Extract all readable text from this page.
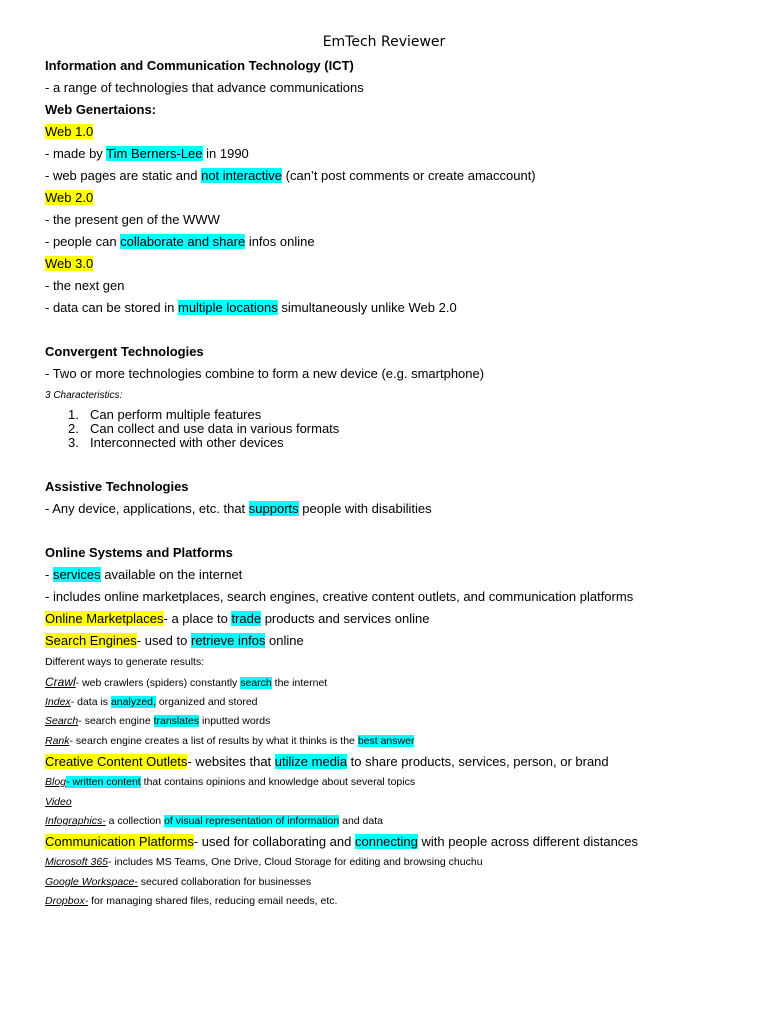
EmTech Reviewer
Information and Communication Technology (ICT)
- a range of technologies that advance communications
Web Genertaions:
Web 1.0
- made by Tim Berners-Lee in 1990
- web pages are static and not interactive (can’t post comments or create amaccount)
Web 2.0
- the present gen of the WWW
- people can collaborate and share infos online
Web 3.0
- the next gen
- data can be stored in multiple locations simultaneously unlike Web 2.0
Convergent Technologies
- Two or more technologies combine to form a new device (e.g. smartphone)
3 Characteristics:
1. Can perform multiple features
2. Can collect and use data in various formats
3. Interconnected with other devices
Assistive Technologies
- Any device, applications, etc. that supports people with disabilities
Online Systems and Platforms
- services available on the internet
- includes online marketplaces, search engines, creative content outlets, and communication platforms
Online Marketplaces- a place to trade products and services online
Search Engines- used to retrieve infos online
Different ways to generate results:
Crawl- web crawlers (spiders) constantly search the internet
Index- data is analyzed, organized and stored
Search- search engine translates inputted words
Rank- search engine creates a list of results by what it thinks is the best answer
Creative Content Outlets- websites that utilize media to share products, services, person, or brand
Blog- written content that contains opinions and knowledge about several topics
Video
Infographics- a collection of visual representation of information and data
Communication Platforms- used for collaborating and connecting with people across different distances
Microsoft 365- includes MS Teams, One Drive, Cloud Storage for editing and browsing chuchu
Google Workspace- secured collaboration for businesses
Dropbox- for managing shared files, reducing email needs, etc.
